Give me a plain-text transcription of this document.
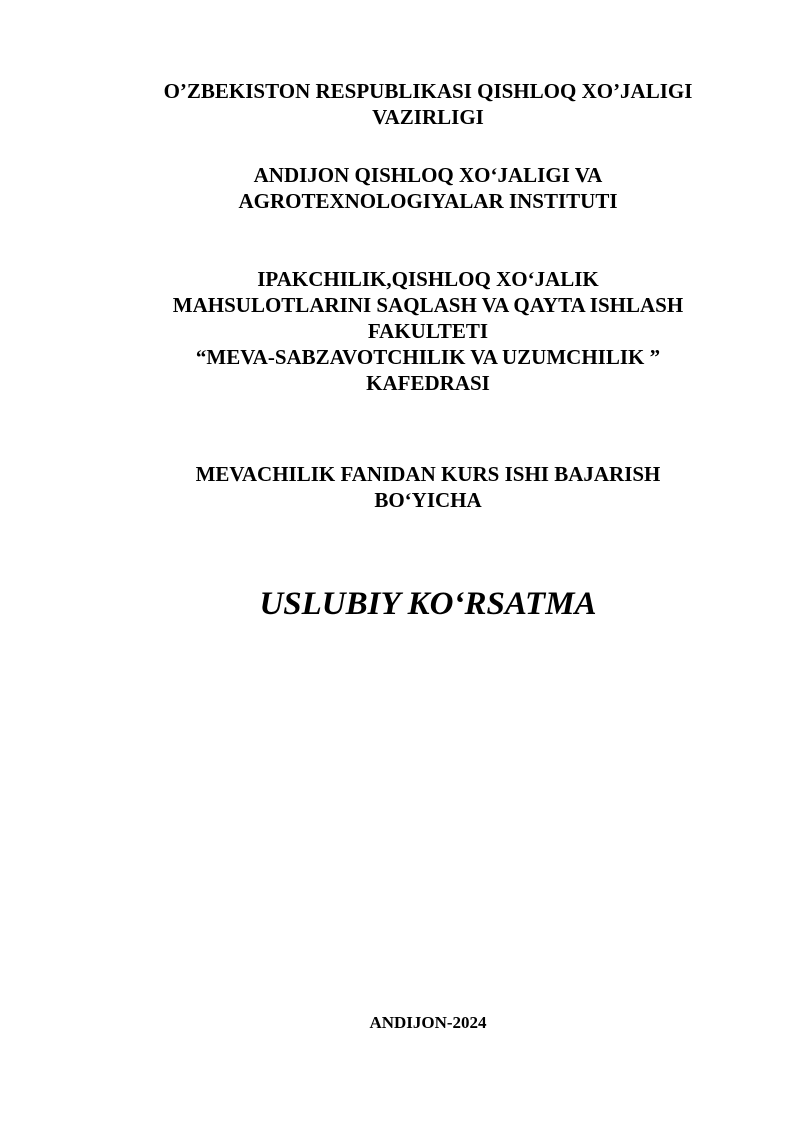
O’ZBEKISTON RESPUBLIKASI QISHLOQ XO’JALIGI
VAZIRLIGI
ANDIJON QISHLOQ XO‘JALIGI VA
AGROTEXNOLOGIYALAR INSTITUTI
IPAKCHILIK,QISHLOQ XO‘JALIK
MAHSULOTLARINI SAQLASH VA QAYTA ISHLASH
FAKULTETI
“MEVA-SABZAVOTCHILIK VA UZUMCHILIK ”
KAFEDRASI
MEVACHILIK FANIDAN KURS ISHI BAJARISH
BO‘YICHA
USLUBIY KO‘RSATMA
ANDIJON-2024
